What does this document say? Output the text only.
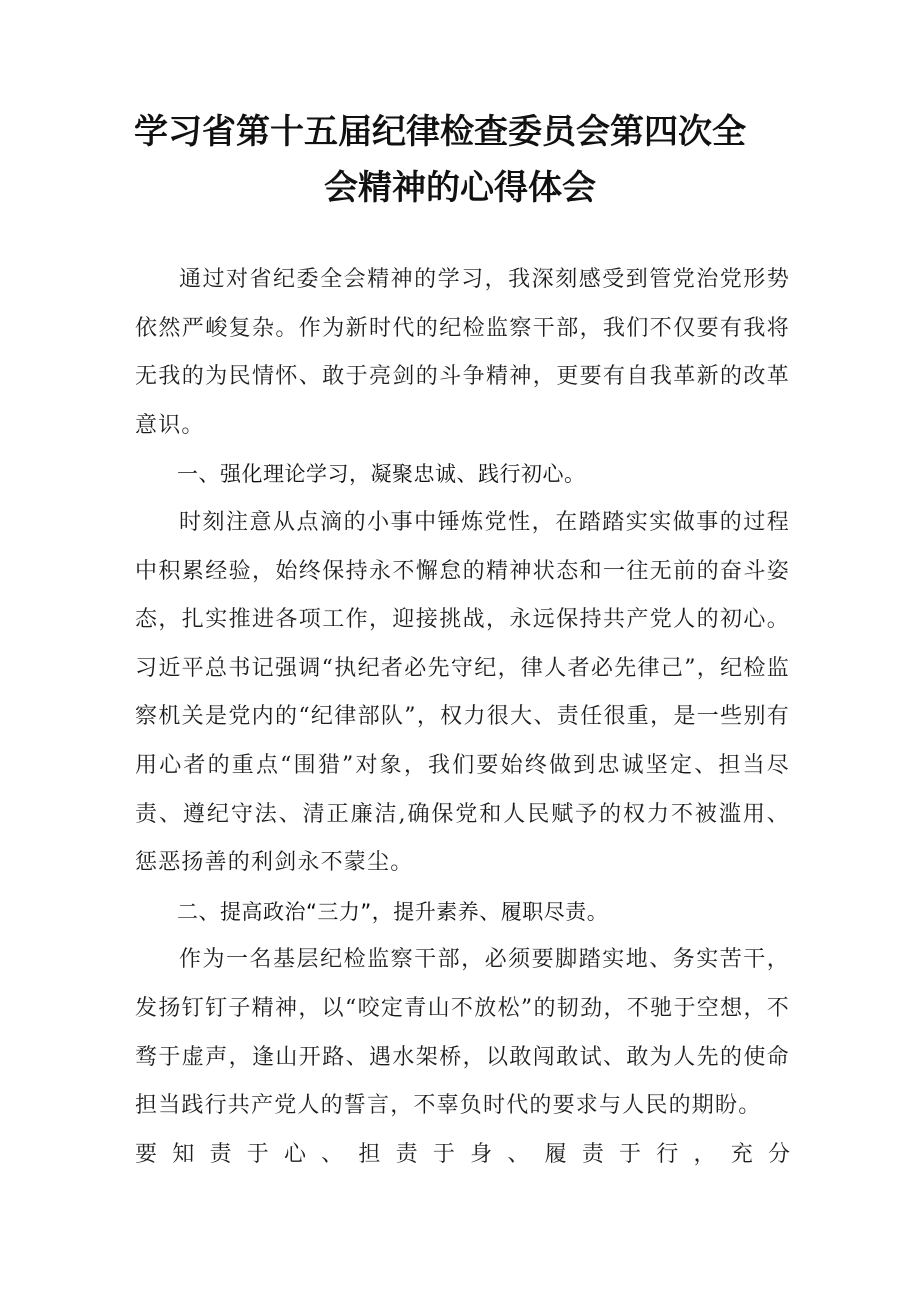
学习省第十五届纪律检查委员会第四次全
会精神的心得体会

通过对省纪委全会精神的学习，我深刻感受到管党治党形势依然严峻复杂。作为新时代的纪检监察干部，我们不仅要有我将无我的为民情怀、敢于亮剑的斗争精神，更要有自我革新的改革意识。

一、强化理论学习，凝聚忠诚、践行初心。

时刻注意从点滴的小事中锤炼党性，在踏踏实实做事的过程中积累经验，始终保持永不懈怠的精神状态和一往无前的奋斗姿态，扎实推进各项工作，迎接挑战，永远保持共产党人的初心。习近平总书记强调“执纪者必先守纪，律人者必先律己”，纪检监察机关是党内的“纪律部队”，权力很大、责任很重，是一些别有用心者的重点“围猎”对象，我们要始终做到忠诚坚定、担当尽责、遵纪守法、清正廉洁,确保党和人民赋予的权力不被滥用、惩恶扬善的利剑永不蒙尘。

二、提高政治“三力”，提升素养、履职尽责。

作为一名基层纪检监察干部，必须要脚踏实地、务实苦干，发扬钉钉子精神，以“咬定青山不放松”的韧劲，不驰于空想，不骛于虚声，逢山开路、遇水架桥，以敢闯敢试、敢为人先的使命担当践行共产党人的誓言，不辜负时代的要求与人民的期盼。

要 知 责 于 心 、 担 责 于 身 、 履 责 于 行 ， 充 分
